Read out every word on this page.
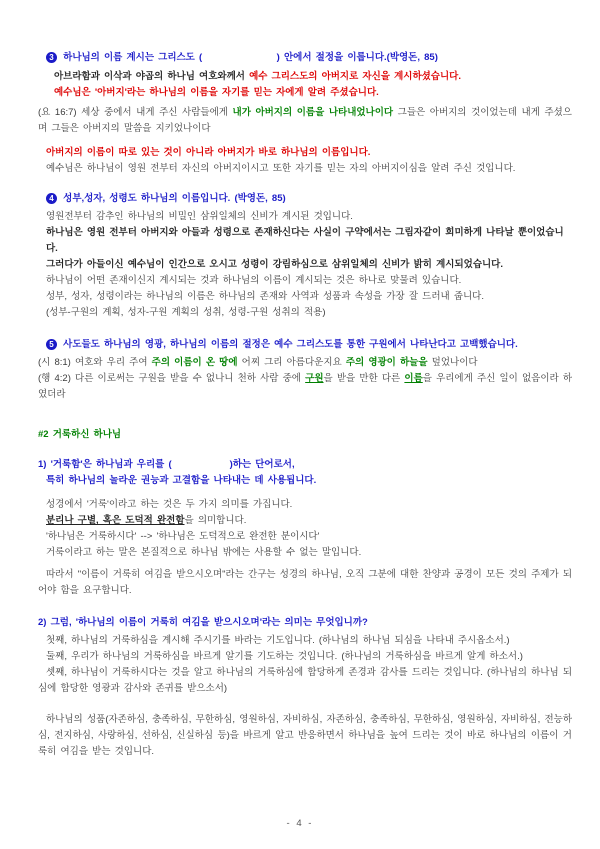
3 하나님의 이름 계시는 그리스도 (                  ) 안에서 절정을 이룹니다.(박영돈, 85)
아브라함과 이삭과 야곱의 하나님 여호와께서 예수 그리스도의 아버지로 자신을 계시하셨습니다.
예수님은 '아버지'라는 하나님의 이름을 자기를 믿는 자에게 알려 주셨습니다.
(요 16:7) 세상 중에서 내게 주신 사람들에게 내가 아버지의 이름을 나타내었나이다 그들은 아버지의 것이었는데 내게 주셨으며 그들은 아버지의 말씀을 지키었나이다
아버지의 이름이 따로 있는 것이 아니라 아버지가 바로 하나님의 이름입니다.
예수님은 하나님이 영원 전부터 자신의 아버지이시고 또한 자기를 믿는 자의 아버지이심을 알려 주신 것입니다.
4 성부,성자, 성령도 하나님의 이름입니다. (박영돈, 85)
영원전부터 감추인 하나님의 비밀인 삼위일체의 신비가 계시된 것입니다.
하나님은 영원 전부터 아버지와 아들과 성령으로 존재하신다는 사실이 구약에서는 그림자같이 희미하게 나타날 뿐이었습니다.
그러다가 아들이신 예수님이 인간으로 오시고 성령이 강림하심으로 삼위일체의 신비가 밝히 계시되었습니다.
하나님이 어떤 존재이신지 계시되는 것과 하나님의 이름이 계시되는 것은 하나로 맞물려 있습니다.
성부, 성자, 성령이라는 하나님의 이름은 하나님의 존재와 사역과 성품과 속성을 가장 잘 드러내 줍니다.
(성부-구원의 계획, 성자-구원 계획의 성취, 성령-구원 성취의 적용)
5 사도들도 하나님의 영광, 하나님의 이름의 절정은 예수 그리스도를 통한 구원에서 나타난다고 고백했습니다.
(시 8:1) 여호와 우리 주여 주의 이름이 온 땅에 어찌 그리 아름다운지요 주의 영광이 하늘을 덮었나이다
(행 4:2) 다른 이로써는 구원을 받을 수 없나니 천하 사람 중에 구원을 받을 만한 다른 이름을 우리에게 주신 일이 없음이라 하였더라
#2 거룩하신 하나님
1) '거룩함'은 하나님과 우리를 (              )하는 단어로서,
특히 하나님의 놀라운 권능과 고결함을 나타내는 데 사용됩니다.
성경에서 '거룩'이라고 하는 것은 두 가지 의미를 가집니다.
분리나 구별, 혹은 도덕적 완전함을 의미합니다.
'하나님은 거룩하시다' --> '하나님은 도덕적으로 완전한 분이시다'
거룩이라고 하는 말은 본질적으로 하나님 밖에는 사용할 수 없는 말입니다.
따라서 "이름이 거룩히 여김을 받으시오며"라는 간구는 성경의 하나님, 오직 그분에 대한 찬양과 공경이 모든 것의 주제가 되어야 함을 요구합니다.
2) 그럼, '하나님의 이름이 거룩히 여김을 받으시오며'라는 의미는 무엇입니까?
첫째, 하나님의 거룩하심을 계시해 주시기를 바라는 기도입니다. (하나님의 하나님 되심을 나타내 주시옵소서.)
둘째, 우리가 하나님의 거룩하심을 바르게 알기를 기도하는 것입니다. (하나님의 거룩하심을 바르게 알게 하소서.)
셋째, 하나님이 거룩하시다는 것을 알고 하나님의 거룩하심에 합당하게 존경과 감사를 드리는 것입니다. (하나님의 하나님 되심에 합당한 영광과 감사와 존귀를 받으소서)
하나님의 성품(자존하심, 충족하심, 무한하심, 영원하심, 자비하심, 자존하심, 충족하심, 무한하심, 영원하심, 자비하심, 전능하심, 전지하심, 사랑하심, 선하심, 신실하심 등)을 바르게 알고 반응하면서 하나님을 높여 드리는 것이 바로 하나님의 이름이 거룩히 여김을 받는 것입니다.
- 4 -
